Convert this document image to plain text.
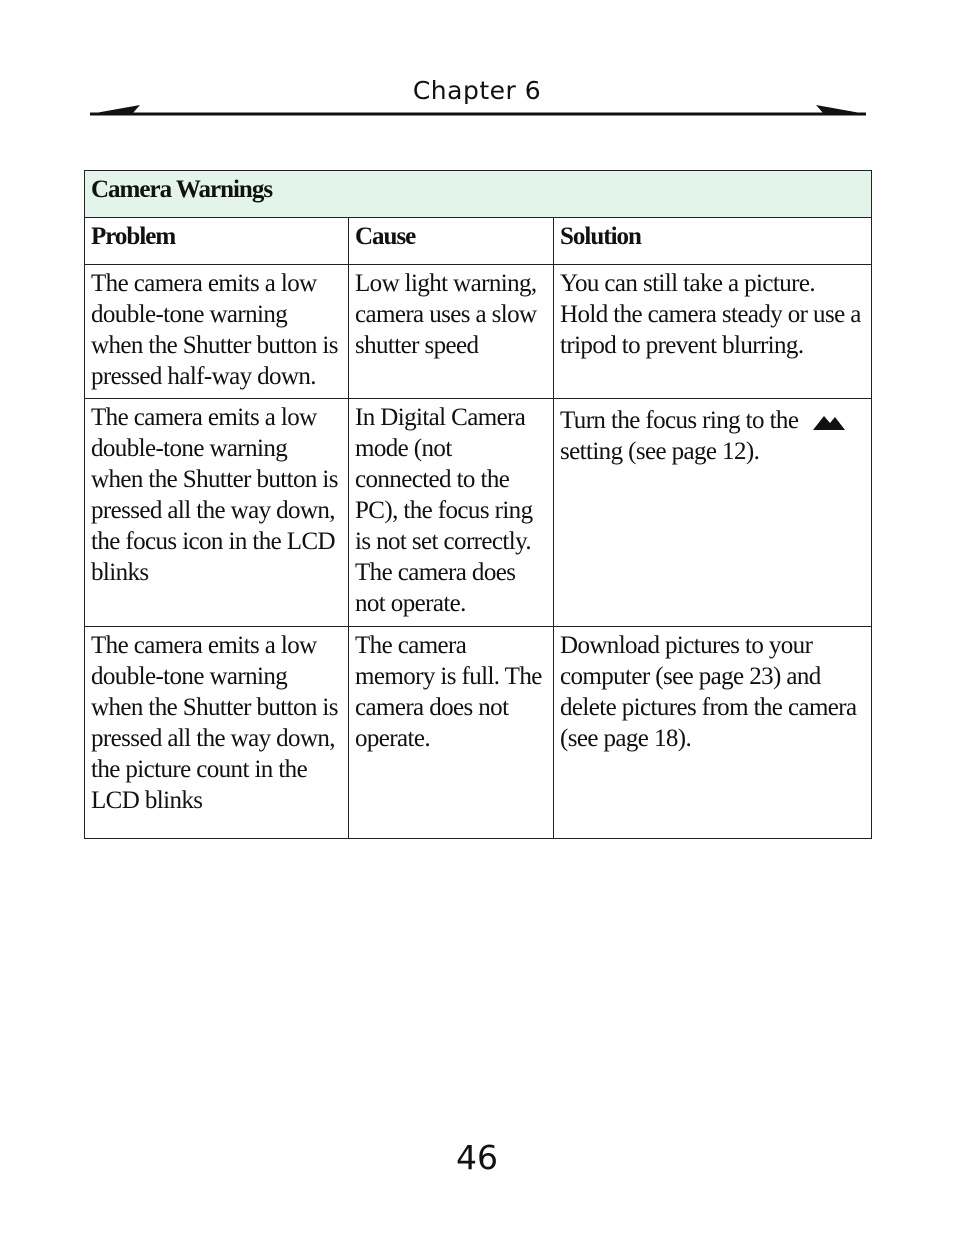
Chapter 6
Camera Warnings		
Problem	Cause	Solution
The camera emits a low double-tone warning when the Shutter button is pressed half-way down.	Low light warning, camera uses a slow shutter speed	You can still take a picture. Hold the camera steady or use a tripod to prevent blurring.
The camera emits a low double-tone warning when the Shutter button is pressed all the way down, the focus icon in the LCD blinks	In Digital Camera mode (not connected to the PC), the focus ring is not set correctly. The camera does not operate.	Turn the focus ring to the  setting (see page 12).
The camera emits a low double-tone warning when the Shutter button is pressed all the way down, the picture count in the LCD blinks	The camera memory is full. The camera does not operate.	Download pictures to your computer (see page 23) and delete pictures from the camera (see page 18).
46
